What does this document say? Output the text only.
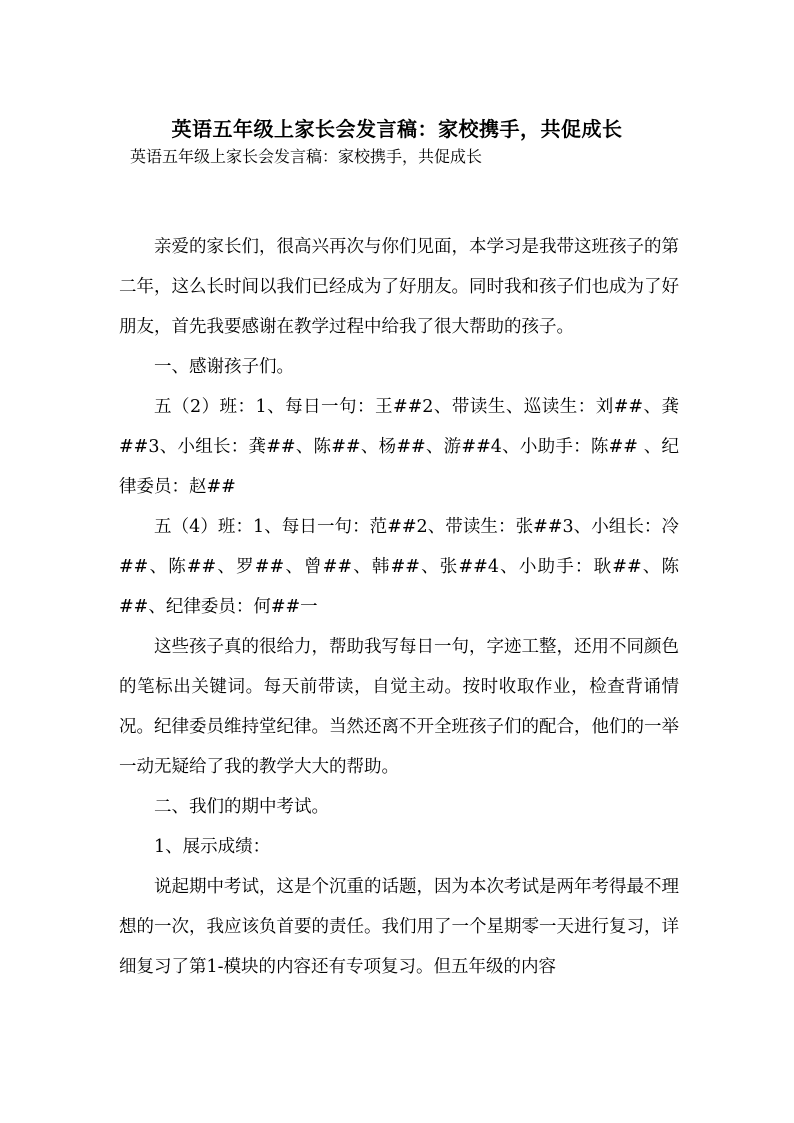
英语五年级上家长会发言稿：家校携手，共促成长
英语五年级上家长会发言稿：家校携手，共促成长

亲爱的家长们，很高兴再次与你们见面，本学习是我带这班孩子的第二年，这么长时间以我们已经成为了好朋友。同时我和孩子们也成为了好朋友，首先我要感谢在教学过程中给我了很大帮助的孩子。

一、感谢孩子们。

五（2）班：1、每日一句：王##2、带读生、巡读生：刘##、龚##3、小组长：龚##、陈##、杨##、游##4、小助手：陈## 、纪律委员：赵##

五（4）班：1、每日一句：范##2、带读生：张##3、小组长：冷##、陈##、罗##、曾##、韩##、张##4、小助手：耿##、陈##、纪律委员：何##一

这些孩子真的很给力，帮助我写每日一句，字迹工整，还用不同颜色的笔标出关键词。每天前带读，自觉主动。按时收取作业，检查背诵情况。纪律委员维持堂纪律。当然还离不开全班孩子们的配合，他们的一举一动无疑给了我的教学大大的帮助。

二、我们的期中考试。

1、展示成绩：

说起期中考试，这是个沉重的话题，因为本次考试是两年考得最不理想的一次，我应该负首要的责任。我们用了一个星期零一天进行复习，详细复习了第1-模块的内容还有专项复习。但五年级的内容
